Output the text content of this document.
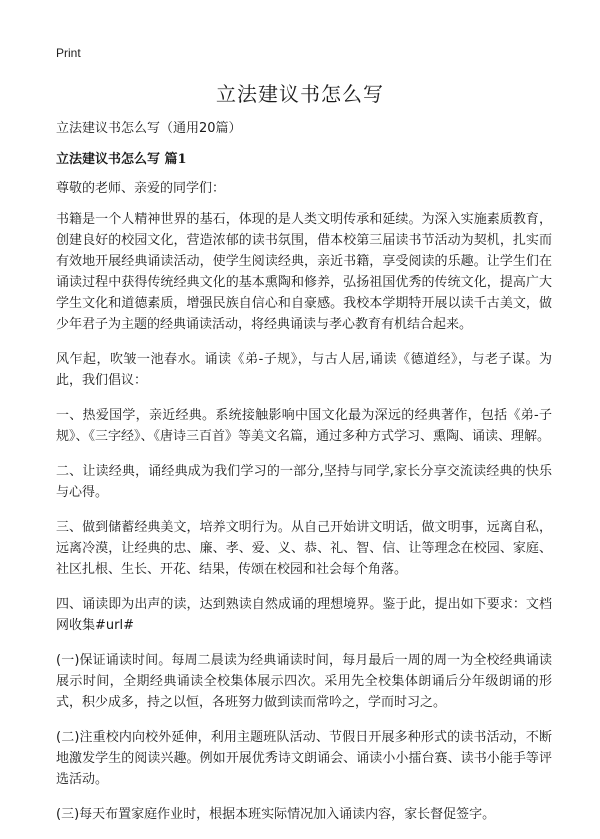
Print

立法建议书怎么写

立法建议书怎么写（通用20篇）

立法建议书怎么写 篇1

尊敬的老师、亲爱的同学们：

书籍是一个人精神世界的基石，体现的是人类文明传承和延续。为深入实施素质教育，创建良好的校园文化，营造浓郁的读书氛围，借本校第三届读书节活动为契机，扎实而有效地开展经典诵读活动，使学生阅读经典，亲近书籍，享受阅读的乐趣。让学生们在诵读过程中获得传统经典文化的基本熏陶和修养，弘扬祖国优秀的传统文化，提高广大学生文化和道德素质，增强民族自信心和自豪感。我校本学期特开展以读千古美文，做少年君子为主题的经典诵读活动，将经典诵读与孝心教育有机结合起来。

风乍起，吹皱一池春水。诵读《弟-子规》，与古人居,诵读《德道经》，与老子谋。为此，我们倡议：

一、热爱国学，亲近经典。系统接触影响中国文化最为深远的经典著作，包括《弟-子规》、《三字经》、《唐诗三百首》等美文名篇，通过多种方式学习、熏陶、诵读、理解。

二、让读经典，诵经典成为我们学习的一部分,坚持与同学,家长分享交流读经典的快乐与心得。

三、做到储蓄经典美文，培养文明行为。从自己开始讲文明话，做文明事，远离自私，远离冷漠，让经典的忠、廉、孝、爱、义、恭、礼、智、信、让等理念在校园、家庭、社区扎根、生长、开花、结果，传颂在校园和社会每个角落。

四、诵读即为出声的读，达到熟读自然成诵的理想境界。鉴于此，提出如下要求：文档网收集#url#

(一)保证诵读时间。每周二晨读为经典诵读时间，每月最后一周的周一为全校经典诵读展示时间，全期经典诵读全校集体展示四次。采用先全校集体朗诵后分年级朗诵的形式，积少成多，持之以恒，各班努力做到读而常吟之，学而时习之。

(二)注重校内向校外延伸，利用主题班队活动、节假日开展多种形式的读书活动，不断地激发学生的阅读兴趣。例如开展优秀诗文朗诵会、诵读小小擂台赛、读书小能手等评选活动。

(三)每天布置家庭作业时，根据本班实际情况加入诵读内容，家长督促签字。
